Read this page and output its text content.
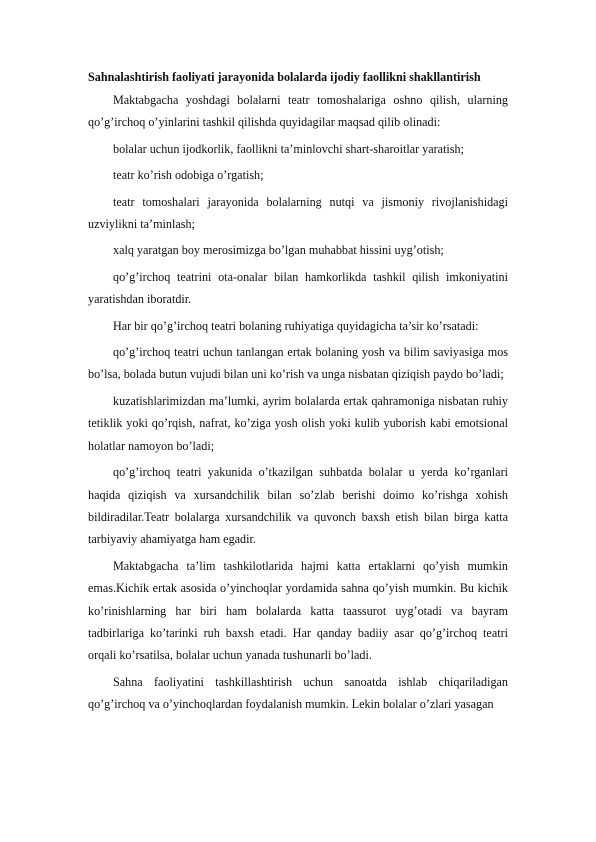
Sahnalashtirish faoliyati jarayonida bolalarda ijodiy faollikni shakllantirish

Maktabgacha yoshdagi bolalarni teatr tomoshalariga oshno qilish, ularning qo’g’irchoq o’yinlarini tashkil qilishda quyidagilar maqsad qilib olinadi:

bolalar uchun ijodkorlik, faollikni ta’minlovchi shart-sharoitlar yaratish;

teatr ko’rish odobiga o’rgatish;

teatr tomoshalari jarayonida bolalarning nutqi va jismoniy rivojlanishidagi uzviylikni ta’minlash;

xalq yaratgan boy merosimizga bo’lgan muhabbat hissini uyg’otish;

qo’g’irchoq teatrini ota-onalar bilan hamkorlikda tashkil qilish imkoniyatini yaratishdan iboratdir.

Har bir qo’g’irchoq teatri bolaning ruhiyatiga quyidagicha ta’sir ko’rsatadi:

qo’g’irchoq teatri uchun tanlangan ertak bolaning yosh va bilim saviyasiga mos bo’lsa, bolada butun vujudi bilan uni ko’rish va unga nisbatan qiziqish paydo bo’ladi;

kuzatishlarimizdan ma’lumki, ayrim bolalarda ertak qahramoniga nisbatan ruhiy tetiklik yoki qo’rqish, nafrat, ko’ziga yosh olish yoki kulib yuborish kabi emotsional holatlar namoyon bo’ladi;

qo’g’irchoq teatri yakunida o’tkazilgan suhbatda bolalar u yerda ko’rganlari haqida qiziqish va xursandchilik bilan so’zlab berishi doimo ko’rishga xohish bildiradilar.Teatr bolalarga xursandchilik va quvonch baxsh etish bilan birga katta tarbiyaviy ahamiyatga ham egadir.

Maktabgacha ta’lim tashkilotlarida hajmi katta ertaklarni qo’yish mumkin emas.Kichik ertak asosida o’yinchoqlar yordamida sahna qo’yish mumkin. Bu kichik ko’rinishlarning har biri ham bolalarda katta taassurot uyg’otadi va bayram tadbirlariga ko’tarinki ruh baxsh etadi. Har qanday badiiy asar qo’g’irchoq teatri orqali ko’rsatilsa, bolalar uchun yanada tushunarli bo’ladi.

Sahna faoliyatini tashkillashtirish uchun sanoatda ishlab chiqariladigan qo’g’irchoq va o’yinchoqlardan foydalanish mumkin. Lekin bolalar o’zlari yasagan
